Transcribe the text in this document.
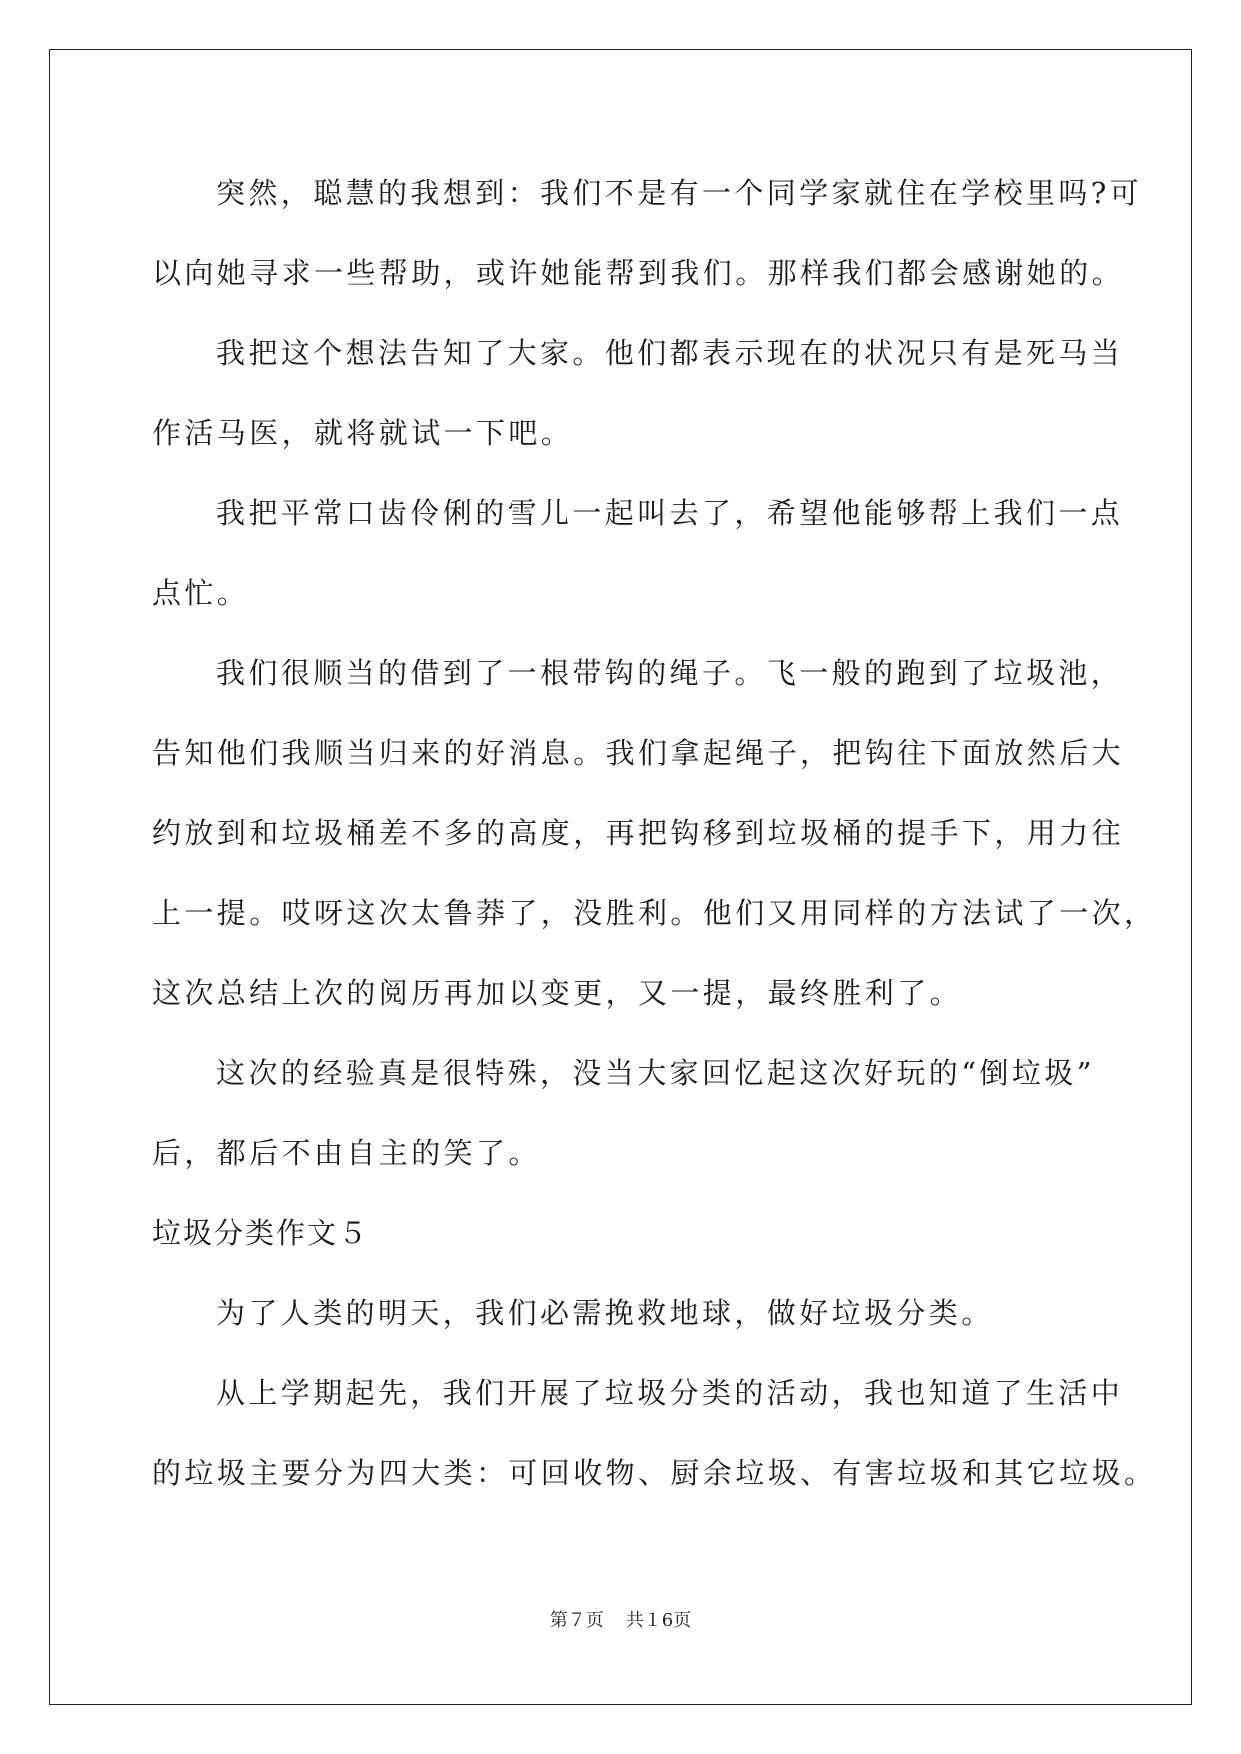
突然，聪慧的我想到：我们不是有一个同学家就住在学校里吗?可
以向她寻求一些帮助，或许她能帮到我们。那样我们都会感谢她的。
我把这个想法告知了大家。他们都表示现在的状况只有是死马当
作活马医，就将就试一下吧。
我把平常口齿伶俐的雪儿一起叫去了，希望他能够帮上我们一点
点忙。
我们很顺当的借到了一根带钩的绳子。飞一般的跑到了垃圾池，
告知他们我顺当归来的好消息。我们拿起绳子，把钩往下面放然后大
约放到和垃圾桶差不多的高度，再把钩移到垃圾桶的提手下，用力往
上一提。哎呀这次太鲁莽了，没胜利。他们又用同样的方法试了一次，
这次总结上次的阅历再加以变更，又一提，最终胜利了。
这次的经验真是很特殊，没当大家回忆起这次好玩的“倒垃圾”
后，都后不由自主的笑了。
垃圾分类作文５
为了人类的明天，我们必需挽救地球，做好垃圾分类。
从上学期起先，我们开展了垃圾分类的活动，我也知道了生活中
的垃圾主要分为四大类：可回收物、厨余垃圾、有害垃圾和其它垃圾。
第７页 共１6页
